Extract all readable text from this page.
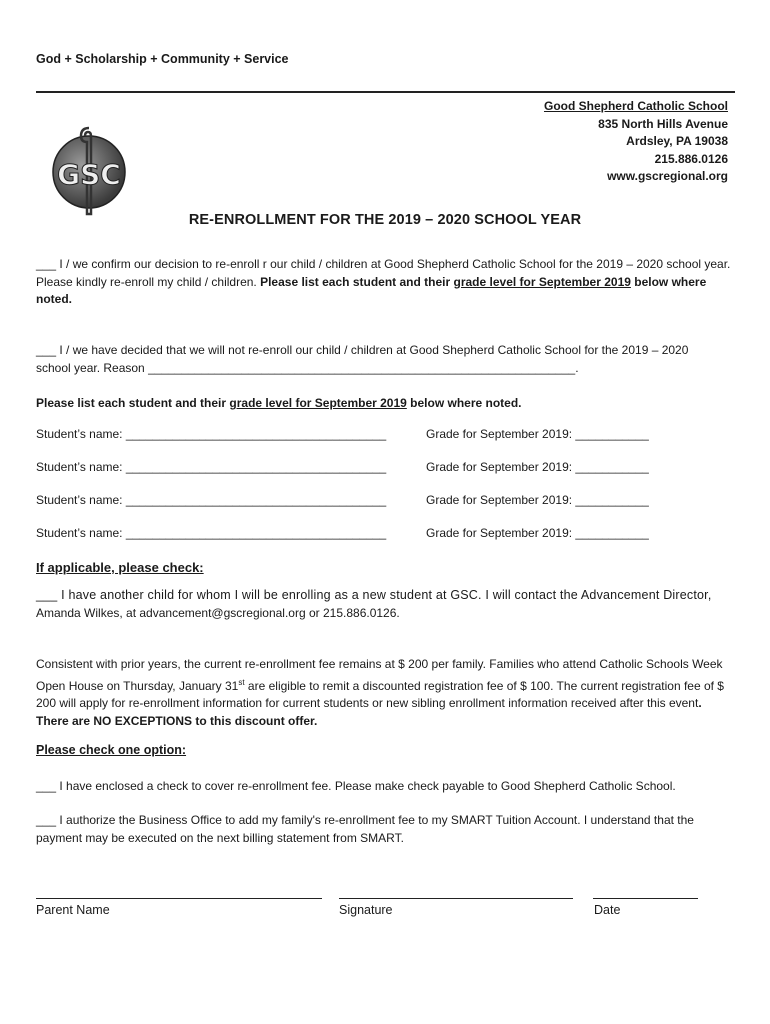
God + Scholarship + Community + Service
Good Shepherd Catholic School
835 North Hills Avenue
Ardsley, PA 19038
215.886.0126
www.gscregional.org
GSC
RE-ENROLLMENT FOR THE 2019 – 2020 SCHOOL YEAR
___ I / we confirm our decision to re-enroll r our child / children at Good Shepherd Catholic School for the 2019 – 2020 school year. Please kindly re-enroll my child / children. Please list each student and their grade level for September 2019 below where noted.
___ I / we have decided that we will not re-enroll our child / children at Good Shepherd Catholic School for the 2019 – 2020
school year. Reason ________________________________________________________________.
Please list each student and their grade level for September 2019 below where noted.
Student’s name: _______________________________________	Grade for September 2019: ___________
Student’s name: _______________________________________	Grade for September 2019: ___________
Student’s name: _______________________________________	Grade for September 2019: ___________
Student’s name: _______________________________________	Grade for September 2019: ___________
If applicable, please check:
___ I have another child for whom I will be enrolling as a new student at GSC. I will contact the Advancement Director, Amanda Wilkes, at advancement@gscregional.org or 215.886.0126.
Consistent with prior years, the current re-enrollment fee remains at $ 200 per family. Families who attend Catholic Schools Week Open House on Thursday, January 31st are eligible to remit a discounted registration fee of $ 100. The current registration fee of $ 200 will apply for re-enrollment information for current students or new sibling enrollment information received after this event. There are NO EXCEPTIONS to this discount offer.
Please check one option:
___ I have enclosed a check to cover re-enrollment fee. Please make check payable to Good Shepherd Catholic School.
___ I authorize the Business Office to add my family's re-enrollment fee to my SMART Tuition Account. I understand that the payment may be executed on the next billing statement from SMART.
Parent Name	Signature	Date
